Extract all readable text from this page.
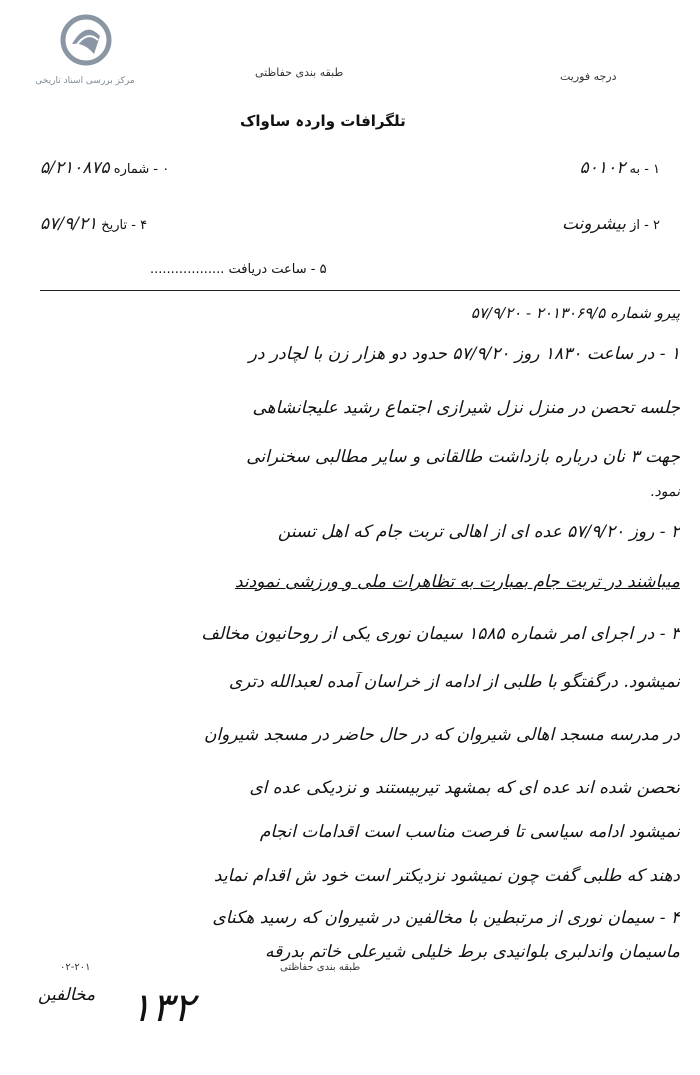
مرکز بررسی اسناد تاریخی
طبقه بندی حفاظتی	درجه فوریت
تلگرافات واردہ ساواک
۱ - به ۵۰۱۰۲
۰ - شماره ۵/۲۱۰۸۷۵
۲ - از بیشرونت
۴ - تاریخ ۵۷/۹/۲۱
۵ - ساعت دریافت ..................
پیرو شماره ۲۰۱۳۰۶۹/۵ - ۵۷/۹/۲۰
۱ - در ساعت ۱۸۳۰ روز ۵۷/۹/۲۰ حدود دو هزار زن با لچادر در
جلسه تحصن در منزل نزل شیرازی اجتماع رشید علیجانشاهی
جهت ۳ نان درباره بازداشت طالقانی و سایر مطالبی سخنرانی
نمود.
۲ - روز ۵۷/۹/۲۰ عده ای از اهالی تربت جام که اهل تسنن
میباشند در تربت جام بمبارت به تظاهرات ملی و ورزشی نمودند
۳ - در اجرای امر شماره ۱۵۸۵ سیمان نوری یکی از روحانیون مخالف
نمیشود. درگفتگو با طلبی از ادامه از خراسان آمده لعبدالله دتری
در مدرسه مسجد اهالی شیروان که در حال حاضر در مسجد شیروان
تحصن شده اند عده ای که بمشهد تیربیستند و نزدیکی عده ای
نمیشود ادامه سیاسی تا فرصت مناسب است اقدامات انجام
دهند که طلبی گفت چون نمیشود نزدیکتر است خود ش اقدام نماید
۴ - سیمان نوری از مرتبطین با مخالفین در شیروان که رسید هکنای
ماسیمان واندلبری بلوانیدی برط خلیلی شیرعلی خاتم بدرقه
طبقه بندی حفاظتی
۰۲-۲۰۱
مخالفین ۱۳۲
